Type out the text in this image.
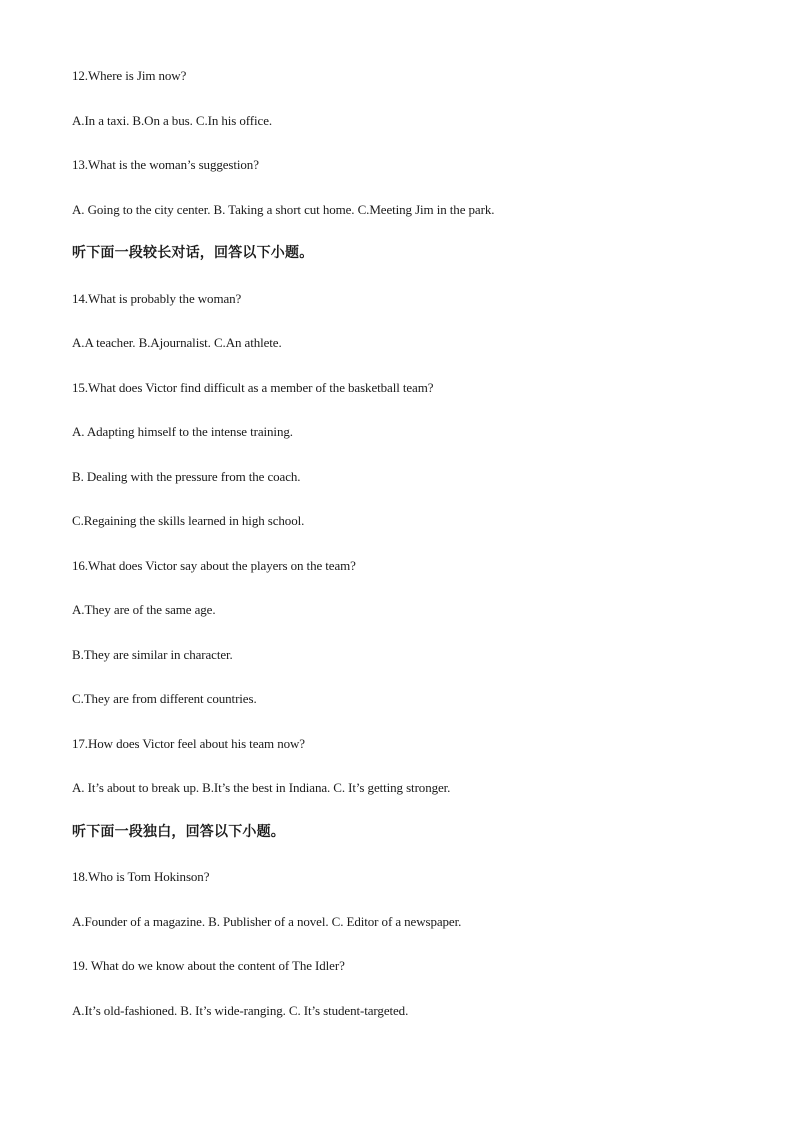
12.Where is Jim now?
A.In a taxi. B.On a bus. C.In his office.
13.What is the woman’s suggestion?
A. Going to the city center. B. Taking a short cut home. C.Meeting Jim in the park.
听下面一段较长对话，回答以下小题。
14.What is probably the woman?
A.A teacher. B.Ajournalist. C.An athlete.
15.What does Victor find difficult as a member of the basketball team?
A. Adapting himself to the intense training.
B. Dealing with the pressure from the coach.
C.Regaining the skills learned in high school.
16.What does Victor say about the players on the team?
A.They are of the same age.
B.They are similar in character.
C.They are from different countries.
17.How does Victor feel about his team now?
A. It’s about to break up. B.It’s the best in Indiana. C. It’s getting stronger.
听下面一段独白，回答以下小题。
18.Who is Tom Hokinson?
A.Founder of a magazine. B. Publisher of a novel. C. Editor of a newspaper.
19. What do we know about the content of The Idler?
A.It’s old-fashioned. B. It’s wide-ranging. C. It’s student-targeted.
